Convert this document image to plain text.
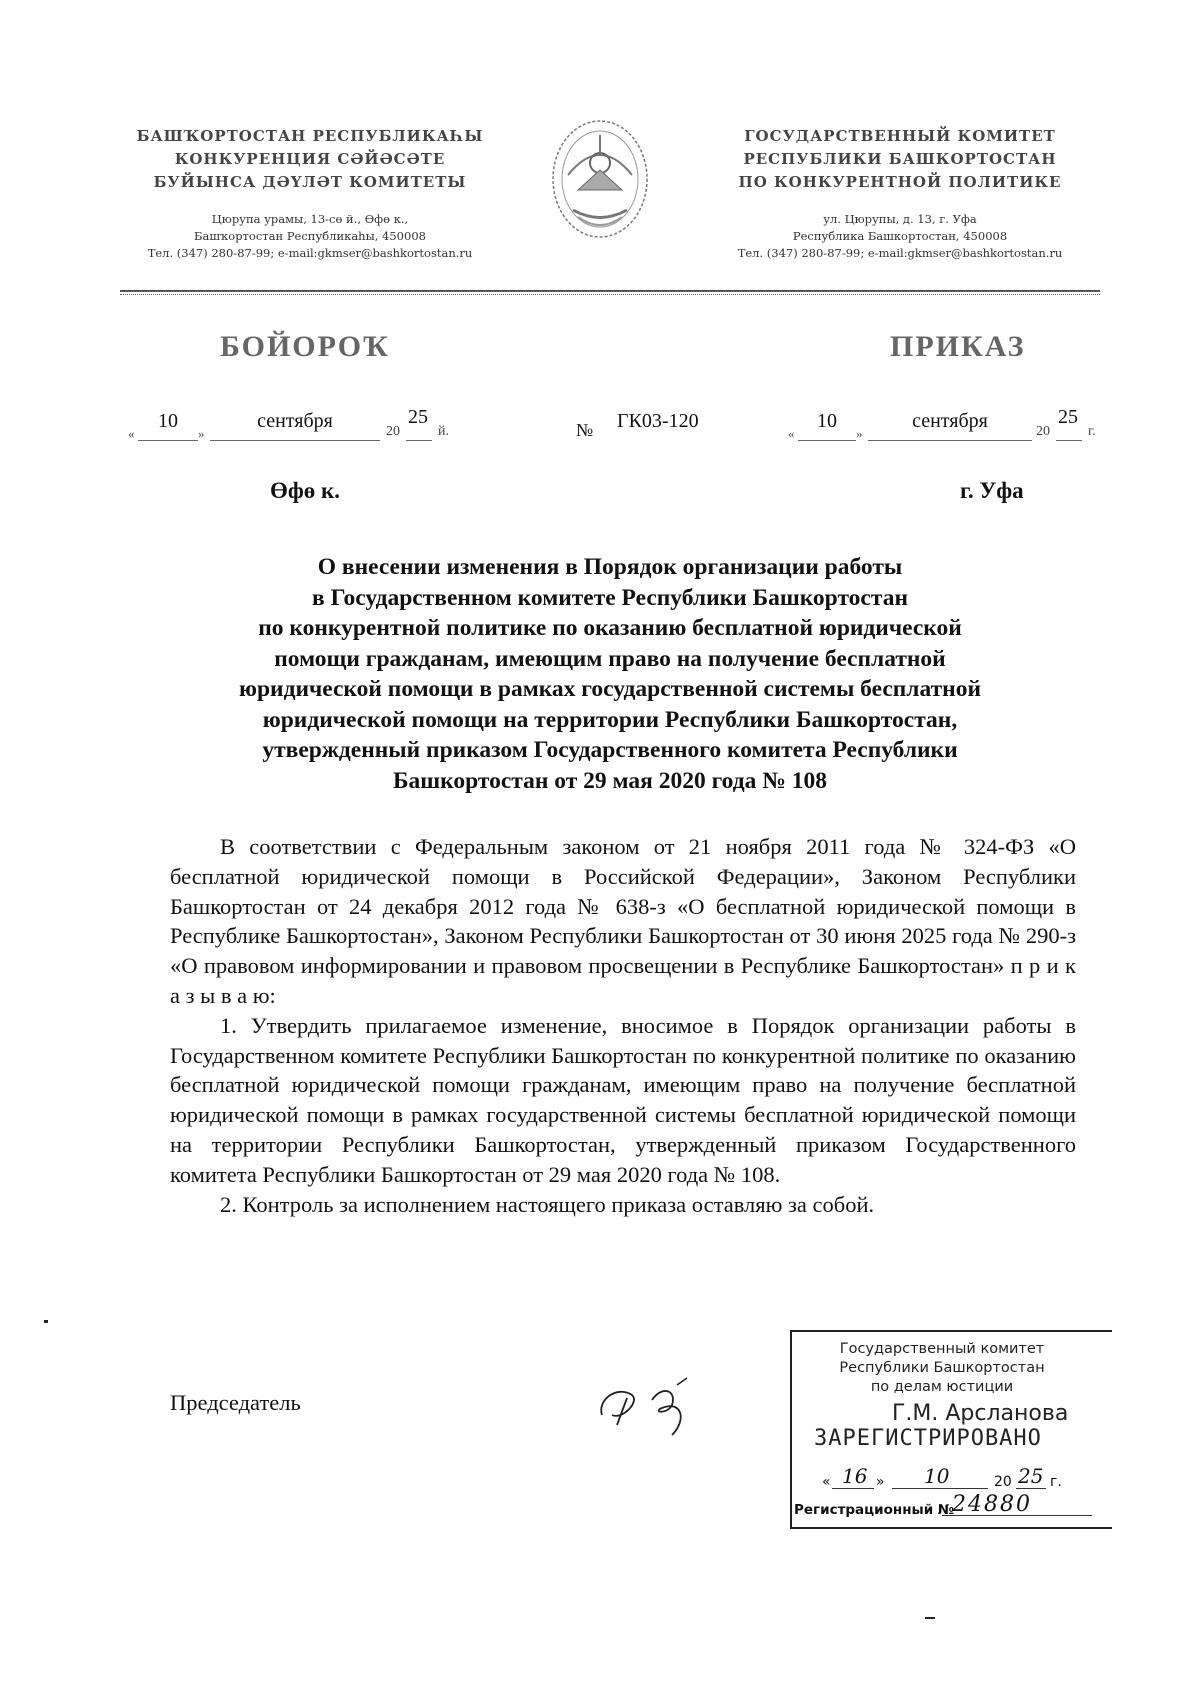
БАШҠОРТОСТАН РЕСПУБЛИКАҺЫ
КОНКУРЕНЦИЯ СӘЙӘСӘТЕ
БУЙЫНСА ДӘҮЛӘТ КОМИТЕТЫ
Цюрупа урамы, 13-сө й., Өфө к.,
Башҡортостан Республикаһы, 450008
Тел. (347) 280-87-99; e-mail:gkmser@bashkortostan.ru
ГОСУДАРСТВЕННЫЙ КОМИТЕТ
РЕСПУБЛИКИ БАШКОРТОСТАН
ПО КОНКУРЕНТНОЙ ПОЛИТИКЕ
ул. Цюрупы, д. 13, г. Уфа
Республика Башкортостан, 450008
Тел. (347) 280-87-99; e-mail:gkmser@bashkortostan.ru
БОЙОРОҠ	ПРИКАЗ
«
10
»
сентября	20
25
й.	№ ГК03-120
«
10
»
сентября	20
25
г.
Өфө к.	г. Уфа
О внесении изменения в Порядок организации работы
в Государственном комитете Республики Башкортостан
по конкурентной политике по оказанию бесплатной юридической
помощи гражданам, имеющим право на получение бесплатной
юридической помощи в рамках государственной системы бесплатной
юридической помощи на территории Республики Башкортостан,
утвержденный приказом Государственного комитета Республики
Башкортостан от 29 мая 2020 года № 108

В соответствии с Федеральным законом от 21 ноября 2011 года № 324-ФЗ «О бесплатной юридической помощи в Российской Федерации», Законом Республики Башкортостан от 24 декабря 2012 года № 638-з «О бесплатной юридической помощи в Республике Башкортостан», Законом Республики Башкортостан от 30 июня 2025 года № 290-з «О правовом информировании и правовом просвещении в Республике Башкортостан» п р и к а з ы в а ю:

1. Утвердить прилагаемое изменение, вносимое в Порядок организации работы в Государственном комитете Республики Башкортостан по конкурентной политике по оказанию бесплатной юридической помощи гражданам, имеющим право на получение бесплатной юридической помощи в рамках государственной системы бесплатной юридической помощи на территории Республики Башкортостан, утвержденный приказом Государственного комитета Республики Башкортостан от 29 мая 2020 года № 108.

2. Контроль за исполнением настоящего приказа оставляю за собой.

Председатель
Государственный комитет
Республики Башкортостан
по делам юстиции
Г.М. Арсланова
ЗАРЕГИСТРИРОВАНО
« 16 » 10	20 25 г.
Регистрационный №
24880
